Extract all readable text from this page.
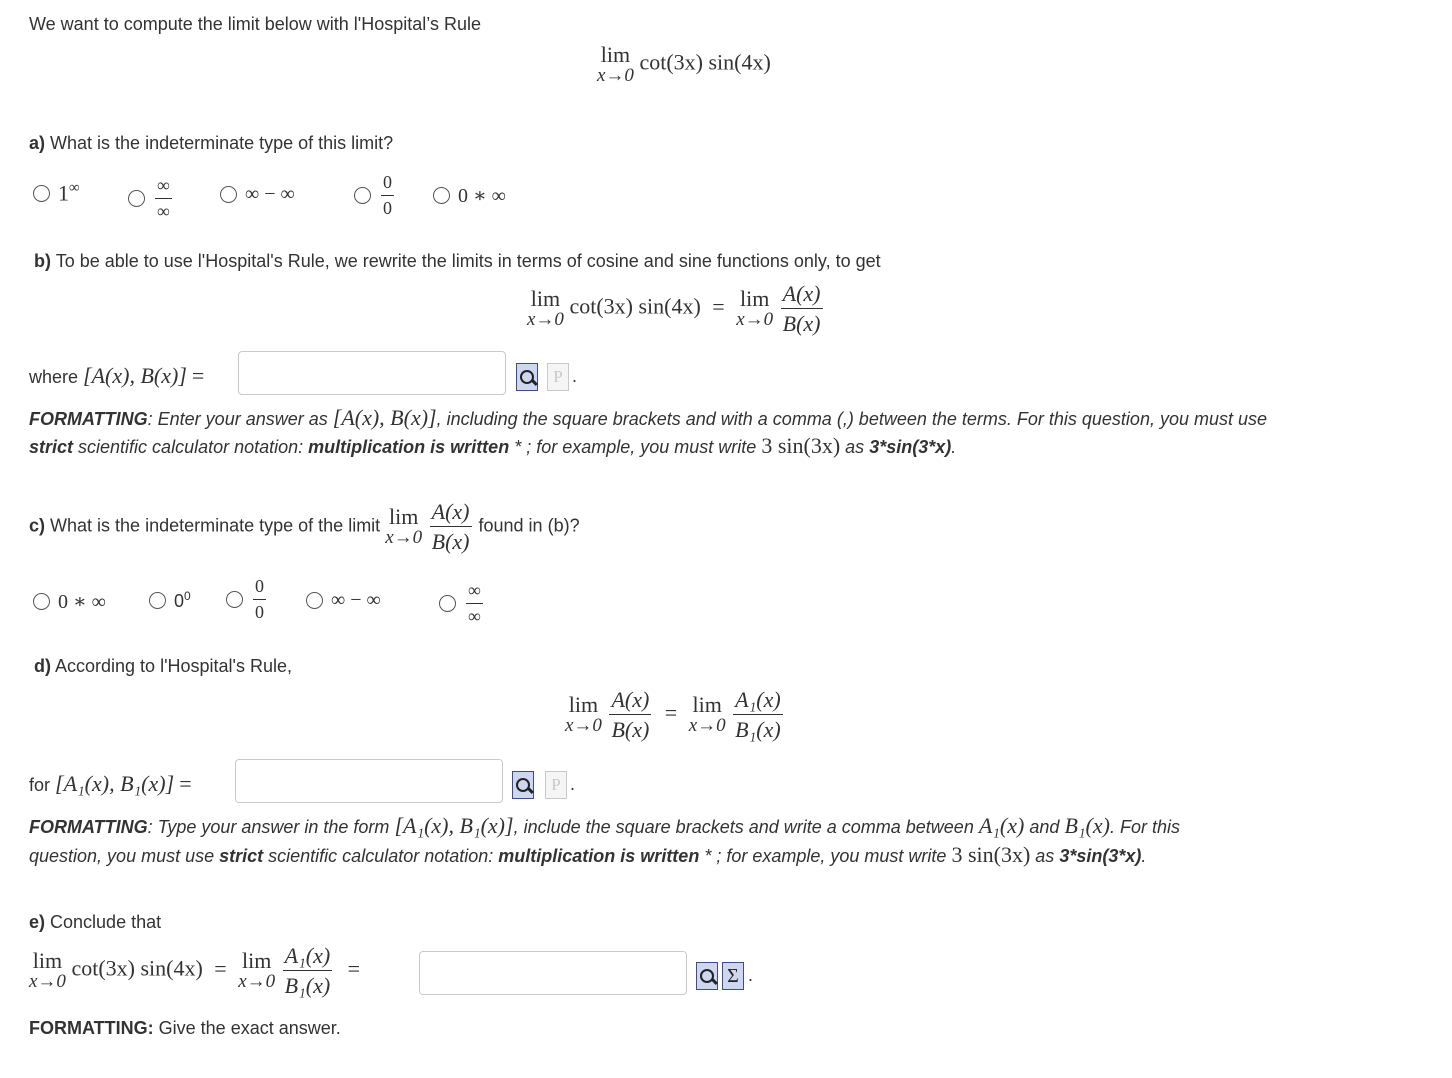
We want to compute the limit below with l'Hospital’s Rule
lim
x→0
cot(3x) sin(4x)
a) What is the indeterminate type of this limit?
1∞	$\frac{\infty}{\infty}$	∞ − ∞	$\frac{0}{0}$	0 ∗ ∞
b) To be able to use l'Hospital's Rule, we rewrite the limits in terms of cosine and sine functions only, to get
lim
x→0
cot(3x) sin(4x) = lim
x→0
$\frac{A(x)}{B(x)}$
where [A(x), B(x)] =	P .
FORMATTING: Enter your answer as [A(x), B(x)], including the square brackets and with a comma (,) between the terms. For this question, you must use
strict scientific calculator notation: multiplication is written * ; for example, you must write 3 sin(3x) as 3*sin(3*x).
c) What is the indeterminate type of the limit lim
x→0
$\frac{A(x)}{B(x)}$ found in (b)?
0 ∗ ∞	$0^0$	$\frac{0}{0}$	∞ − ∞	$\frac{\infty}{\infty}$
d) According to l'Hospital's Rule,
lim
x→0
$\frac{A(x)}{B(x)} = \lim$
x→0
$\frac{\text{A₁(x)}}{\text{B₁(x)}}$
for [A₁(x), B₁(x)] =	P .
FORMATTING: Type your answer in the form [A₁(x), B₁(x)], include the square brackets and write a comma between A₁(x) and B₁(x). For this
question, you must use strict scientific calculator notation: multiplication is written * ; for example, you must write 3 sin(3x) as 3*sin(3*x).
e) Conclude that
lim
x→0
cot(3x) sin(4x) = lim
x→0
$\frac{\text{A₁(x)}}{\text{B₁(x)}}$ =	Σ .
FORMATTING: Give the exact answer.
